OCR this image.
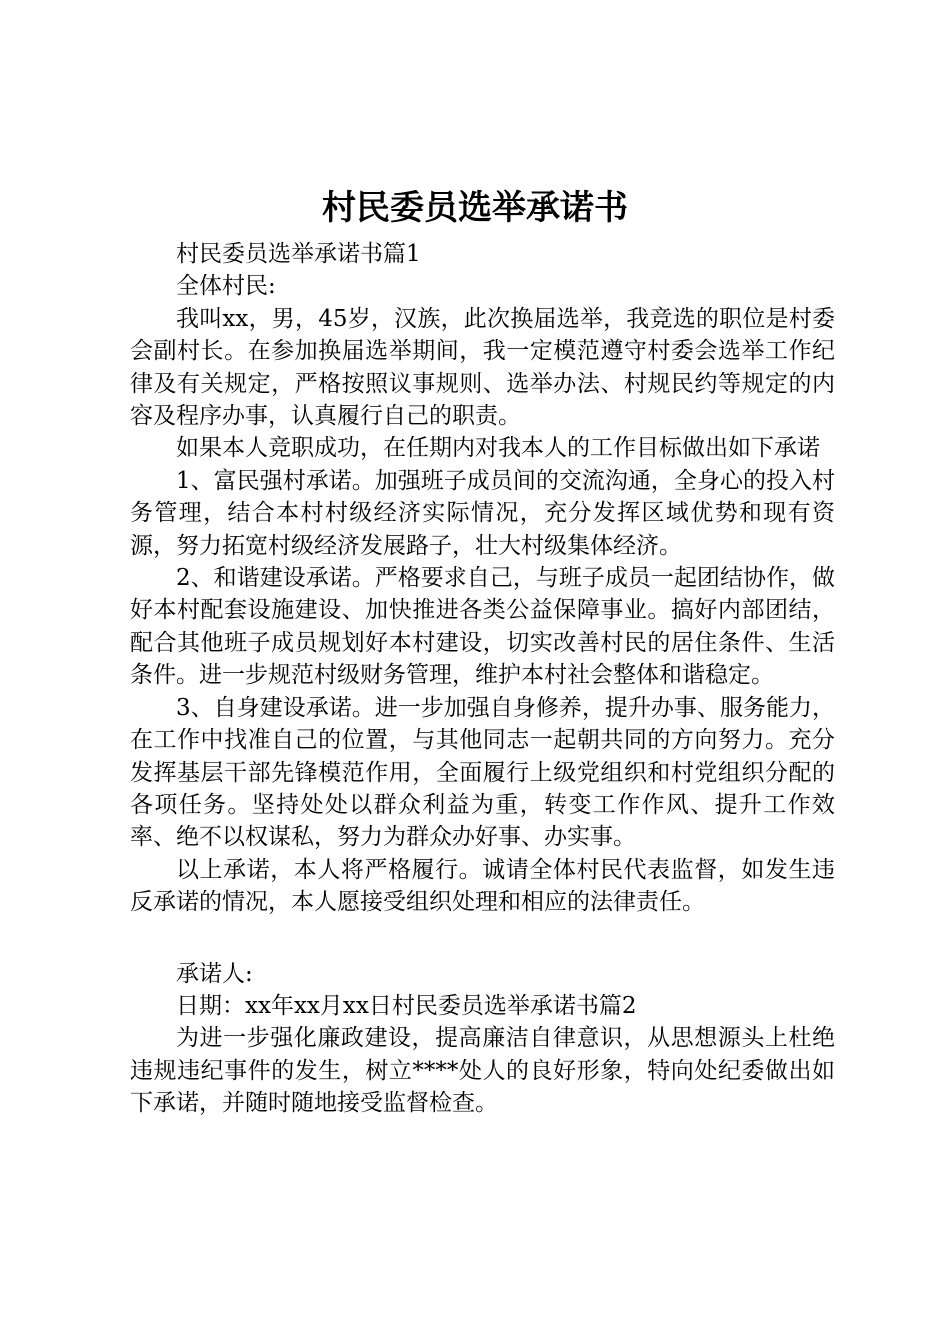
村民委员选举承诺书

村民委员选举承诺书篇1

全体村民:

我叫xx，男，45岁，汉族，此次换届选举，我竞选的职位是村委会副村长。在参加换届选举期间，我一定模范遵守村委会选举工作纪律及有关规定，严格按照议事规则、选举办法、村规民约等规定的内容及程序办事，认真履行自己的职责。

如果本人竞职成功，在任期内对我本人的工作目标做出如下承诺

1、富民强村承诺。加强班子成员间的交流沟通，全身心的投入村务管理，结合本村村级经济实际情况，充分发挥区域优势和现有资源，努力拓宽村级经济发展路子，壮大村级集体经济。

2、和谐建设承诺。严格要求自己，与班子成员一起团结协作，做好本村配套设施建设、加快推进各类公益保障事业。搞好内部团结，配合其他班子成员规划好本村建设，切实改善村民的居住条件、生活条件。进一步规范村级财务管理，维护本村社会整体和谐稳定。

3、自身建设承诺。进一步加强自身修养，提升办事、服务能力，在工作中找准自己的位置，与其他同志一起朝共同的方向努力。充分发挥基层干部先锋模范作用，全面履行上级党组织和村党组织分配的各项任务。坚持处处以群众利益为重，转变工作作风、提升工作效率、绝不以权谋私，努力为群众办好事、办实事。

以上承诺，本人将严格履行。诚请全体村民代表监督，如发生违反承诺的情况，本人愿接受组织处理和相应的法律责任。

承诺人:

日期：xx年xx月xx日村民委员选举承诺书篇2

为进一步强化廉政建设，提高廉洁自律意识，从思想源头上杜绝违规违纪事件的发生，树立****处人的良好形象，特向处纪委做出如下承诺，并随时随地接受监督检查。
